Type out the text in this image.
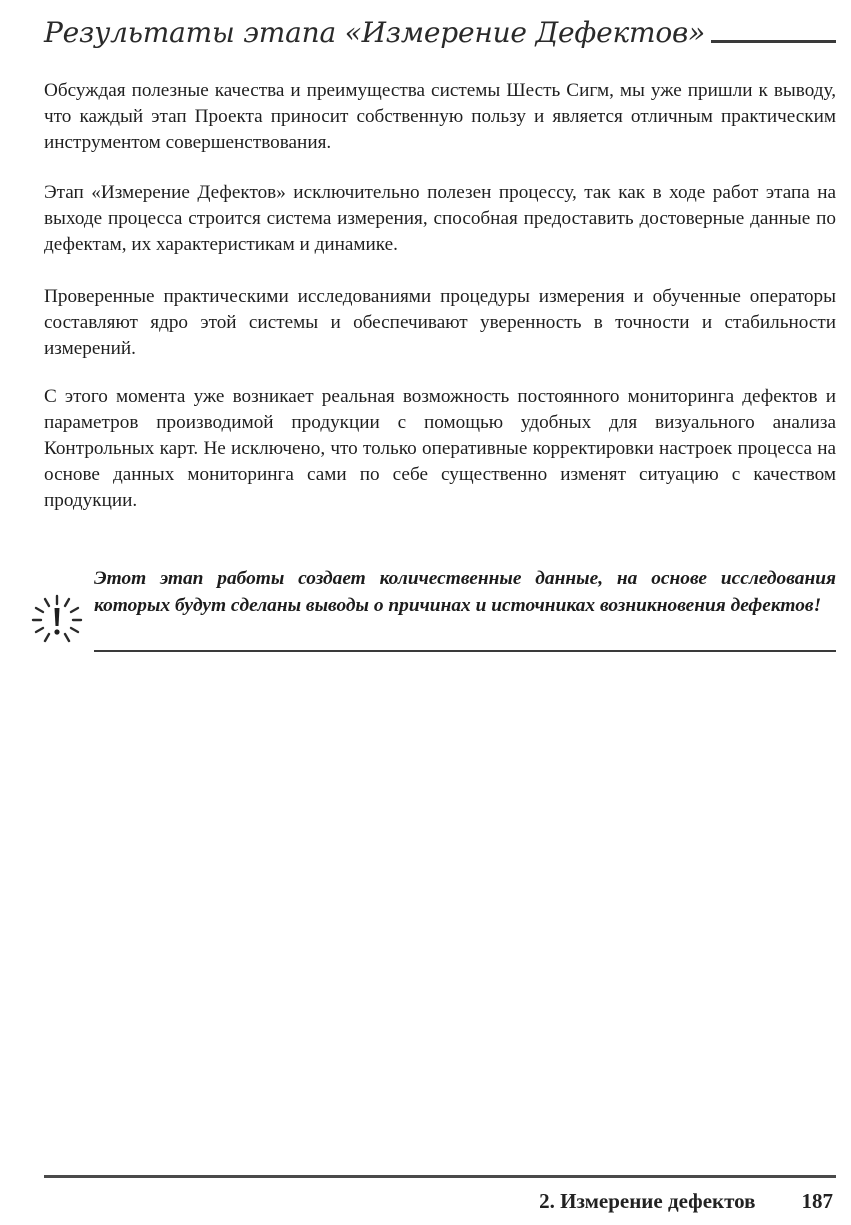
Результаты этапа «Измерение Дефектов»

Обсуждая полезные качества и преимущества системы Шесть Сигм, мы уже пришли к выводу, что каждый этап Проекта приносит собственную пользу и является отличным практическим инструментом совершенствования.

Этап «Измерение Дефектов» исключительно полезен процессу, так как в ходе работ этапа на выходе процесса строится система измерения, способная предоставить достоверные данные по дефектам, их характеристикам и динамике.

Проверенные практическими исследованиями процедуры измерения и обученные операторы составляют ядро этой системы и обеспечивают уверенность в точности и стабильности измерений.

С этого момента уже возникает реальная возможность постоянного мониторинга дефектов и параметров производимой продукции с помощью удобных для визуального анализа Контрольных карт. Не исключено, что только оперативные корректировки настроек процесса на основе данных мониторинга сами по себе существенно изменят ситуацию с качеством продукции.

Этот этап работы создает количественные данные, на основе исследования которых будут сделаны выводы о причинах и источниках возникновения дефектов!
2. Измерение дефектов 187
